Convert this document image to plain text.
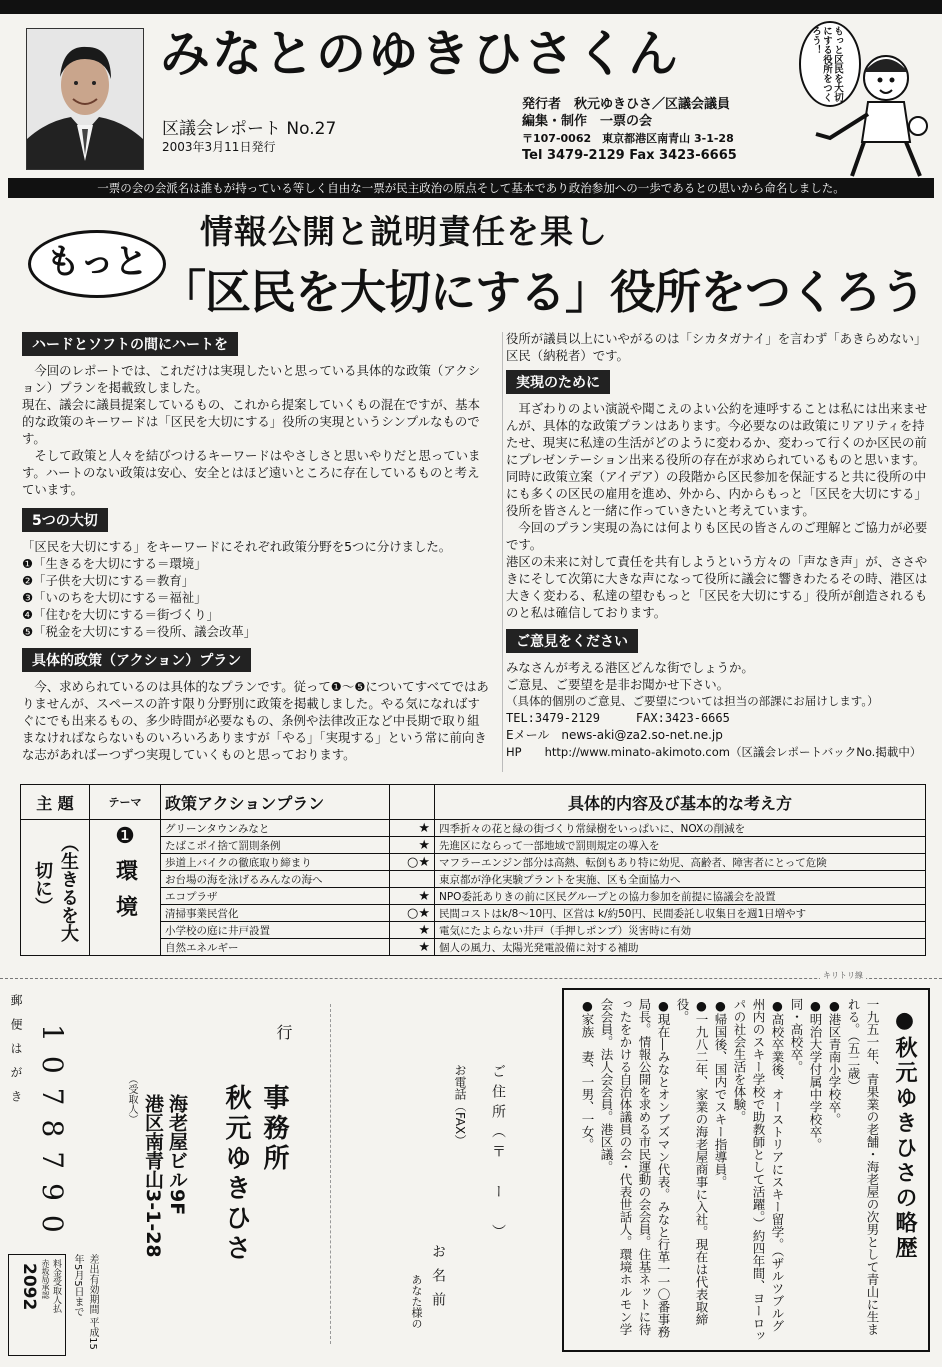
みなとのゆきひさくん
区議会レポート No.27
2003年3月11日発行
発行者　秋元ゆきひさ／区議会議員
編集・制作　一票の会
〒107-0062　東京都港区南青山 3-1-28
Tel 3479-2129 Fax 3423-6665
もっと区民を大切にする役所をつくろう！
一票の会の会派名は誰もが持っている等しく自由な一票が民主政治の原点そして基本であり政治参加への一歩であるとの思いから命名しました。
もっと
情報公開と説明責任を果し
「区民を大切にする」役所をつくろう
ハードとソフトの間にハートを
　今回のレポートでは、これだけは実現したいと思っている具体的な政策（アクション）プランを掲載致しました。
現在、議会に議員提案しているもの、これから提案していくもの混在ですが、基本的な政策のキーワードは「区民を大切にする」役所の実現というシンプルなものです。
　そして政策と人々を結びつけるキーワードはやさしさと思いやりだと思っています。ハートのない政策は安心、安全とはほど遠いところに存在しているものと考えています。
5つの大切
「区民を大切にする」をキーワードにそれぞれ政策分野を5つに分けました。
❶「生きるを大切にする＝環境」
❷「子供を大切にする＝教育」
❸「いのちを大切にする＝福祉」
❹「住むを大切にする＝街づくり」
❺「税金を大切にする＝役所、議会改革」
具体的政策（アクション）プラン
　今、求められているのは具体的なプランです。従って❶〜❺についてすべてではありませんが、スペースの許す限り分野別に政策を掲載しました。やる気になればすぐにでも出来るもの、多少時間が必要なもの、条例や法律改正など中長期で取り組まなければならないものいろいろありますが「やる」「実現する」という常に前向きな志があればーつずつ実現していくものと思っております。
役所が議員以上にいやがるのは「シカタガナイ」を言わず「あきらめない」区民（納税者）です。
実現のために
　耳ざわりのよい演説や聞こえのよい公約を連呼することは私には出来ませんが、具体的な政策プランはあります。今必要なのは政策にリアリティを持たせ、現実に私達の生活がどのように変わるか、変わって行くのか区民の前にプレゼンテーション出来る役所の存在が求められているものと思います。
同時に政策立案（アイデア）の段階から区民参加を保証すると共に役所の中にも多くの区民の雇用を進め、外から、内からもっと「区民を大切にする」役所を皆さんと一緒に作っていきたいと考えています。
　今回のプラン実現の為には何よりも区民の皆さんのご理解とご協力が必要です。
港区の未来に対して責任を共有しようという方々の「声なき声」が、ささやきにそして次第に大きな声になって役所に議会に響きわたるその時、港区は大きく変わる、私達の望むもっと「区民を大切にする」役所が創造されるものと私は確信しております。
ご意見をください
みなさんが考える港区どんな街でしょうか。
ご意見、ご要望を是非お聞かせ下さい。
（具体的個別のご意見、ご要望については担当の部課にお届けします。）
TEL:3479-2129　　　FAX:3423-6665
Eメール　news-aki@za2.so-net.ne.jp
HP　　http://www.minato-akimoto.com（区議会レポートバックNo.掲載中）
主 題	テーマ	政策アクションプラン		具体的内容及び基本的な考え方

（生きるを大切に）	❶
環境	グリーンタウンみなと	★	四季折々の花と緑の街づくり常緑樹をいっぱいに、NOXの削減を
		たばこポイ捨て罰則条例	★	先進区にならって一部地域で罰則規定の導入を
		歩道上バイクの徹底取り締まり	○★	マフラーエンジン部分は高熱、転倒もあり特に幼児、高齢者、障害者にとって危険
		お台場の海を泳げるみんなの海へ		東京都が浄化実験プラントを実施、区も全面協力へ
		エコプラザ	★	NPO委託ありきの前に区民グループとの協力参加を前提に協議会を設置
		清掃事業民営化	○★	民間コストはk/8〜10円、区営は k/約50円、民間委託し収集日を週1日増やす
		小学校の庭に井戸設置	★	電気にたよらない井戸（手押しポンプ）災害時に有効
		自然エネルギー	★	個人の風力、太陽光発電設備に対する補助
キリトリ線
料金受取人払
赤坂局承認
2092	差出有効期間 平成15年5月5日まで
郵便はがき 1078790	（受取人） 港区南青山3-1-28 海老屋ビル9F 秋元ゆきひさ 事務所
行
あなた様の お名前
お電話（FAX） ご住所（〒　ー　）	●秋元ゆきひさの略歴
一九五一年、青果業の老舗・海老屋の次男として青山に生まれる。（五二歳）
●港区青南小学校卒。
●明治大学付属中学校卒。
同・高校卒。
●高校卒業後、オーストリアにスキー留学。（ザルツブルグ州内のスキー学校で助教師として活躍。）約四年間、ヨーロッパの社会生活を体験。
●帰国後、国内でスキー指導員。
●一九八二年、家業の海老屋商事に入社。現在は代表取締役。
●現在―みなとオンブズマン代表。みなと行革一一〇番事務局長。情報公開を求める市民運動の会会員。住基ネットに待ったをかける自治体議員の会・代表世話人。環境ホルモン学会会員。法人会会員。港区議。
●家族　妻、一男、一女。
